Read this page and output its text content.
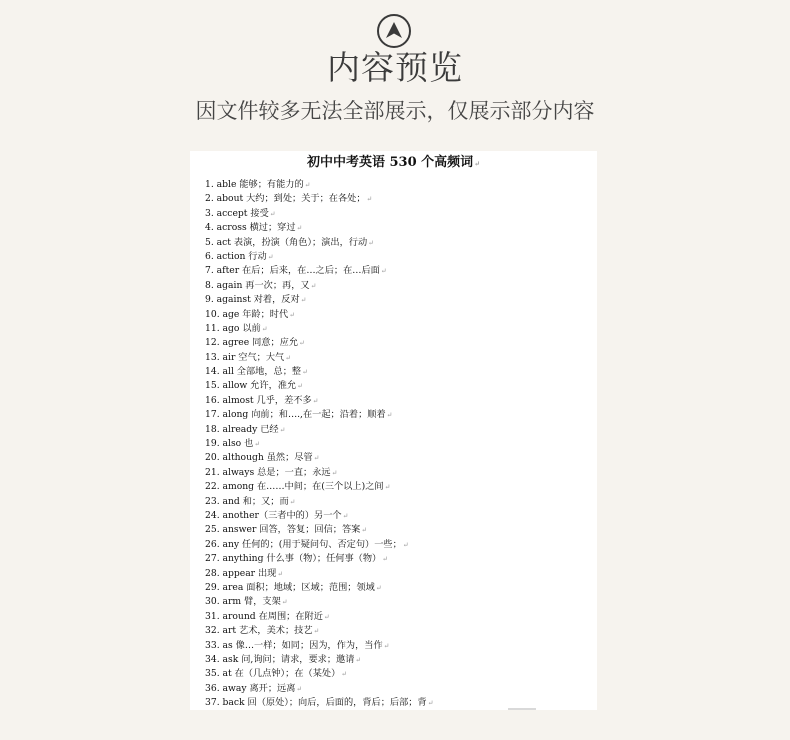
内容预览
因文件较多无法全部展示，仅展示部分内容
初中中考英语 530 个高频词↵
1. able 能够；有能力的↵
2. about 大约；到处；关于；在各处；↵
3. accept 接受↵
4. across 横过；穿过↵
5. act 表演，扮演（角色）；演出，行动↵
6. action 行动↵
7. after 在后；后来，在…之后；在…后面↵
8. again 再一次；再，又↵
9. against 对着，反对↵
10. age 年龄；时代↵
11. ago 以前↵
12. agree 同意；应允↵
13. air 空气；大气↵
14. all 全部地，总；整↵
15. allow 允许，准允↵
16. almost 几乎，差不多↵
17. along 向前；和….,在一起；沿着；顺着↵
18. already 已经↵
19. also 也↵
20. although 虽然；尽管↵
21. always 总是；一直；永远↵
22. among 在……中间；在(三个以上)之间↵
23. and 和；又；而↵
24. another（三者中的）另一个↵
25. answer 回答，答复；回信；答案↵
26. any 任何的；(用于疑问句、否定句）一些；↵
27. anything 什么事（物）；任何事（物）↵
28. appear 出现↵
29. area 面积；地域；区域；范围；领域↵
30. arm 臂，支架↵
31. around 在周围；在附近↵
32. art 艺术，美术；技艺↵
33. as 像…一样；如同；因为，作为，当作↵
34. ask 问,询问；请求，要求；邀请↵
35. at 在（几点钟）；在（某处）↵
36. away 离开；远离↵
37. back 回（原处）；向后，后面的，背后；后部；背↵
